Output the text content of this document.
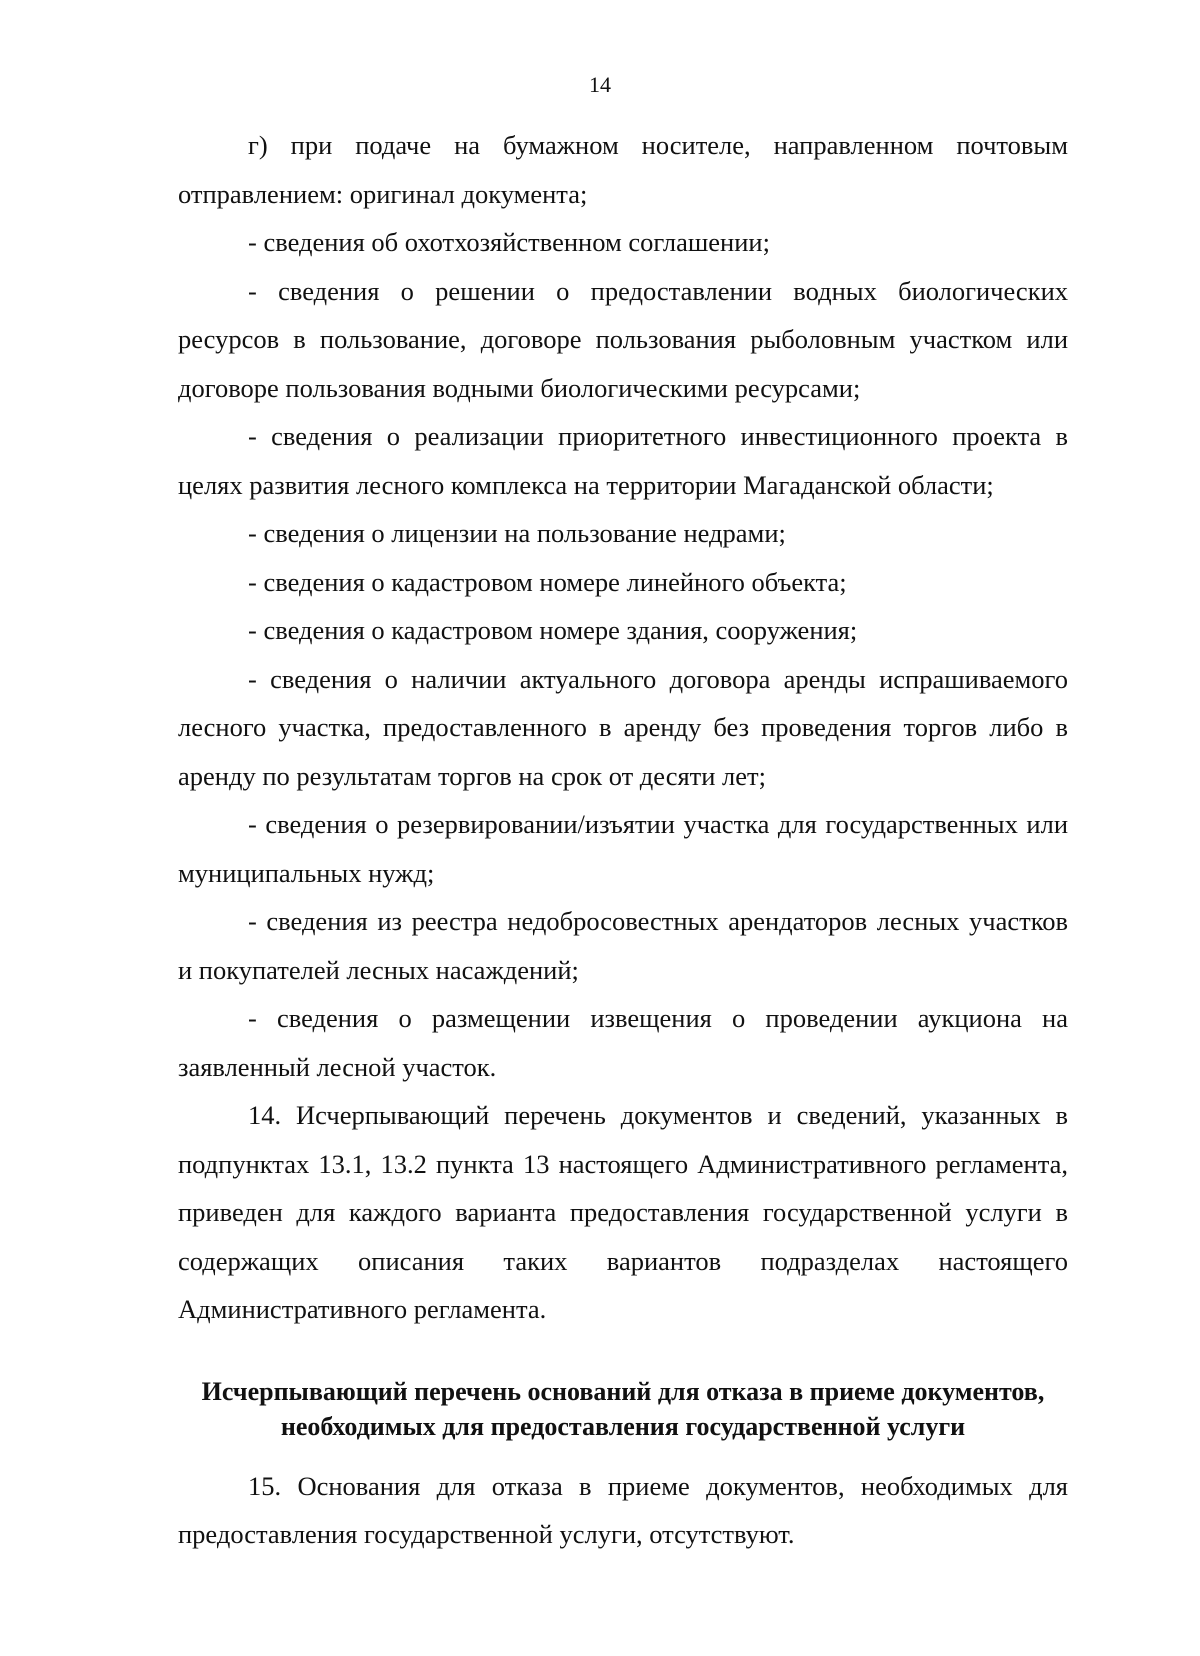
14

г) при подаче на бумажном носителе, направленном почтовым отправлением: оригинал документа;

- сведения об охотхозяйственном соглашении;

- сведения о решении о предоставлении водных биологических ресурсов в пользование, договоре пользования рыболовным участком или договоре пользования водными биологическими ресурсами;

- сведения о реализации приоритетного инвестиционного проекта в целях развития лесного комплекса на территории Магаданской области;

- сведения о лицензии на пользование недрами;

- сведения о кадастровом номере линейного объекта;

- сведения о кадастровом номере здания, сооружения;

- сведения о наличии актуального договора аренды испрашиваемого лесного участка, предоставленного в аренду без проведения торгов либо в аренду по результатам торгов на срок от десяти лет;

- сведения о резервировании/изъятии участка для государственных или муниципальных нужд;

- сведения из реестра недобросовестных арендаторов лесных участков и покупателей лесных насаждений;

- сведения о размещении извещения о проведении аукциона на заявленный лесной участок.

14. Исчерпывающий перечень документов и сведений, указанных в подпунктах 13.1, 13.2 пункта 13 настоящего Административного регламента, приведен для каждого варианта предоставления государственной услуги в содержащих описания таких вариантов подразделах настоящего Административного регламента.

Исчерпывающий перечень оснований для отказа в приеме документов, необходимых для предоставления государственной услуги

15. Основания для отказа в приеме документов, необходимых для предоставления государственной услуги, отсутствуют.
